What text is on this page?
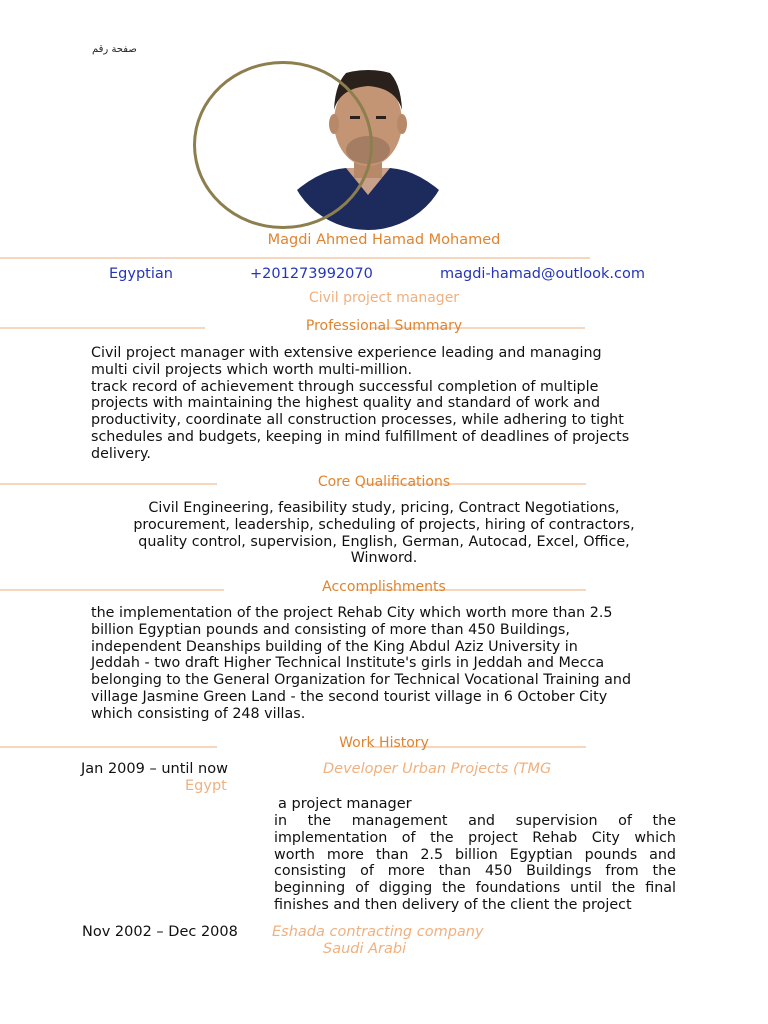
صفحة رقم
Magdi Ahmed Hamad Mohamed
Egyptian	+201273992070	magdi-hamad@outlook.com
Civil project manager
Professional Summary
Civil project manager with extensive experience leading and managing
multi civil projects which worth multi-million.
track record of achievement through successful completion of multiple
projects with maintaining the highest quality and standard of work and
productivity, coordinate all construction processes, while adhering to tight
schedules and budgets, keeping in mind fulfillment of deadlines of projects
delivery.
Core Qualifications
Civil Engineering, feasibility study, pricing, Contract Negotiations,
procurement, leadership, scheduling of projects, hiring of contractors,
quality control, supervision, English, German, Autocad, Excel, Office,
Winword.
Accomplishments
the implementation of the project Rehab City which worth more than 2.5
billion Egyptian pounds and consisting of more than 450 Buildings,
independent Deanships building of the King Abdul Aziz University in
Jeddah - two draft Higher Technical Institute's girls in Jeddah and Mecca
belonging to the General Organization for Technical Vocational Training and
village Jasmine Green Land - the second tourist village in 6 October City
which consisting of 248 villas.
Work History
Jan 2009 – until now	Developer Urban Projects (TMG
Egypt
a project manager
in the management and supervision of the
implementation of the project Rehab City which
worth more than 2.5 billion Egyptian pounds and
consisting of more than 450 Buildings from the
beginning of digging the foundations until the final
finishes and then delivery of the client the project
Nov 2002 – Dec 2008 Eshada contracting company
Saudi Arabi
